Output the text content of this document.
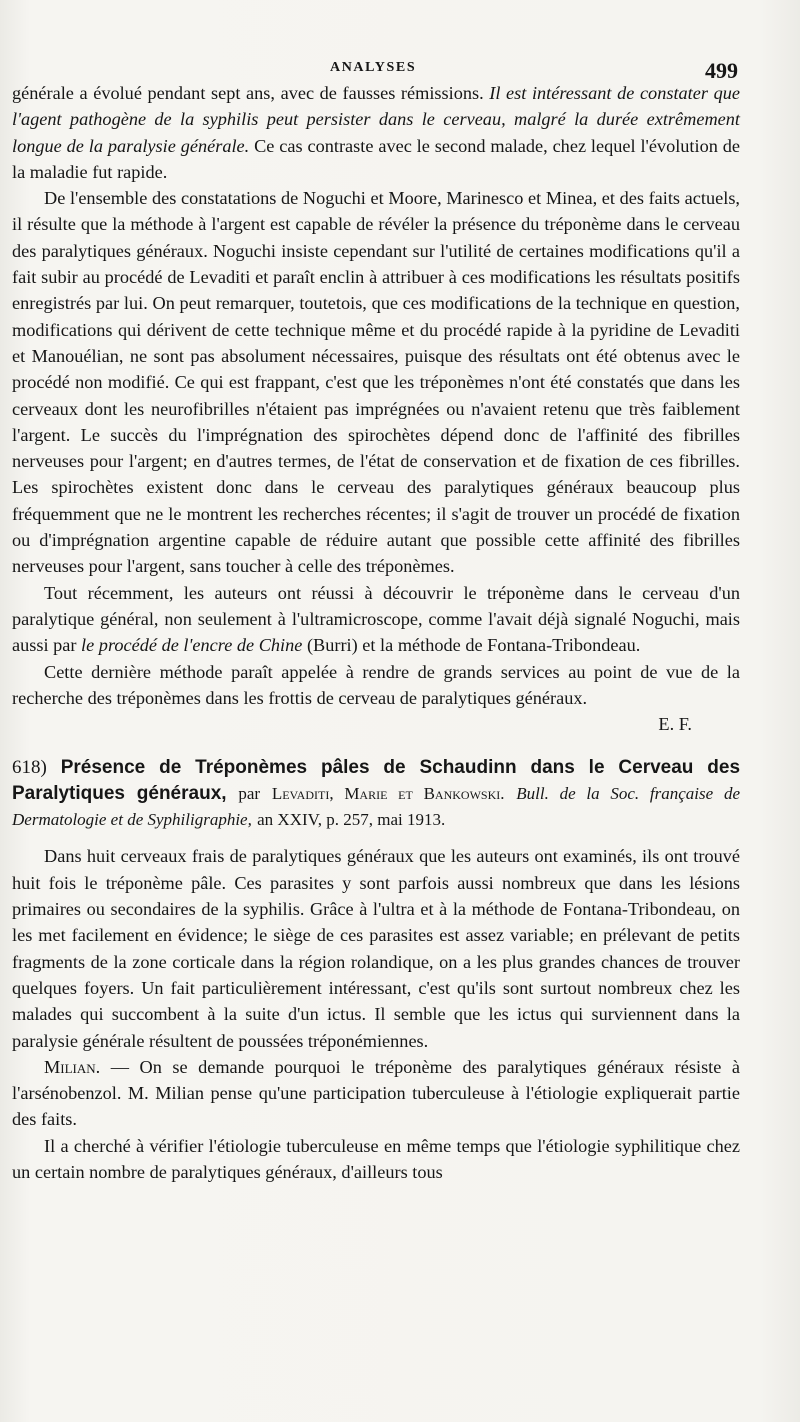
ANALYSES	499

générale a évolué pendant sept ans, avec de fausses rémissions. Il est intéressant de constater que l'agent pathogène de la syphilis peut persister dans le cerveau, malgré la durée extrêmement longue de la paralysie générale. Ce cas contraste avec le second malade, chez lequel l'évolution de la maladie fut rapide.

De l'ensemble des constatations de Noguchi et Moore, Marinesco et Minea, et des faits actuels, il résulte que la méthode à l'argent est capable de révéler la présence du tréponème dans le cerveau des paralytiques généraux. Noguchi insiste cependant sur l'utilité de certaines modifications qu'il a fait subir au procédé de Levaditi et paraît enclin à attribuer à ces modifications les résultats positifs enregistrés par lui. On peut remarquer, toutetois, que ces modifications de la technique en question, modifications qui dérivent de cette technique même et du procédé rapide à la pyridine de Levaditi et Manouélian, ne sont pas absolument nécessaires, puisque des résultats ont été obtenus avec le procédé non modifié. Ce qui est frappant, c'est que les tréponèmes n'ont été constatés que dans les cerveaux dont les neurofibrilles n'étaient pas imprégnées ou n'avaient retenu que très faiblement l'argent. Le succès du l'imprégnation des spirochètes dépend donc de l'affinité des fibrilles nerveuses pour l'argent; en d'autres termes, de l'état de conservation et de fixation de ces fibrilles. Les spirochètes existent donc dans le cerveau des paralytiques généraux beaucoup plus fréquemment que ne le montrent les recherches récentes; il s'agit de trouver un procédé de fixation ou d'imprégnation argentine capable de réduire autant que possible cette affinité des fibrilles nerveuses pour l'argent, sans toucher à celle des tréponèmes.

Tout récemment, les auteurs ont réussi à découvrir le tréponème dans le cerveau d'un paralytique général, non seulement à l'ultramicroscope, comme l'avait déjà signalé Noguchi, mais aussi par le procédé de l'encre de Chine (Burri) et la méthode de Fontana-Tribondeau.

Cette dernière méthode paraît appelée à rendre de grands services au point de vue de la recherche des tréponèmes dans les frottis de cerveau de paralytiques généraux.

E. F.

618) Présence de Tréponèmes pâles de Schaudinn dans le Cerveau des Paralytiques généraux, par Levaditi, Marie et Bankowski. Bull. de la Soc. française de Dermatologie et de Syphiligraphie, an XXIV, p. 257, mai 1913.

Dans huit cerveaux frais de paralytiques généraux que les auteurs ont examinés, ils ont trouvé huit fois le tréponème pâle. Ces parasites y sont parfois aussi nombreux que dans les lésions primaires ou secondaires de la syphilis. Grâce à l'ultra et à la méthode de Fontana-Tribondeau, on les met facilement en évidence; le siège de ces parasites est assez variable; en prélevant de petits fragments de la zone corticale dans la région rolandique, on a les plus grandes chances de trouver quelques foyers. Un fait particulièrement intéressant, c'est qu'ils sont surtout nombreux chez les malades qui succombent à la suite d'un ictus. Il semble que les ictus qui surviennent dans la paralysie générale résultent de poussées tréponémiennes.

Milian. — On se demande pourquoi le tréponème des paralytiques généraux résiste à l'arsénobenzol. M. Milian pense qu'une participation tuberculeuse à l'étiologie expliquerait partie des faits.

Il a cherché à vérifier l'étiologie tuberculeuse en même temps que l'étiologie syphilitique chez un certain nombre de paralytiques généraux, d'ailleurs tous
